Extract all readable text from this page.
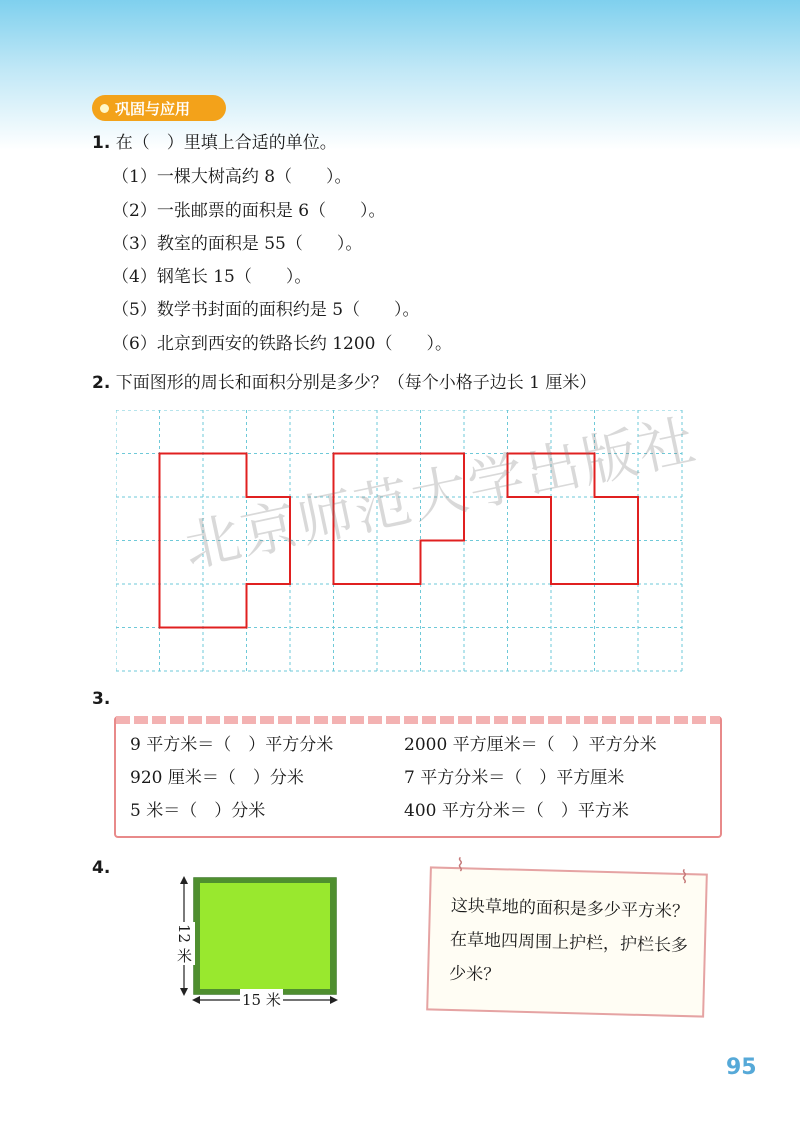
巩固与应用
1. 在（　）里填上合适的单位。
（1）一棵大树高约 8（　　）。
（2）一张邮票的面积是 6（　　）。
（3）教室的面积是 55（　　）。
（4）钢笔长 15（　　）。
（5）数学书封面的面积约是 5（　　）。
（6）北京到西安的铁路长约 1200（　　）。
2. 下面图形的周长和面积分别是多少？（每个小格子边长 1 厘米）
3.
9 平方米＝（　）平方分米	2000 平方厘米＝（　）平方分米
920 厘米＝（　）分米	7 平方分米＝（　）平方厘米
5 米＝（　）分米	400 平方分米＝（　）平方米
4.
12 米
15 米
这块草地的面积是多少平方米？在草地四周围上护栏，护栏长多少米？
⌇
⌇
北京师范大学出版社
95
